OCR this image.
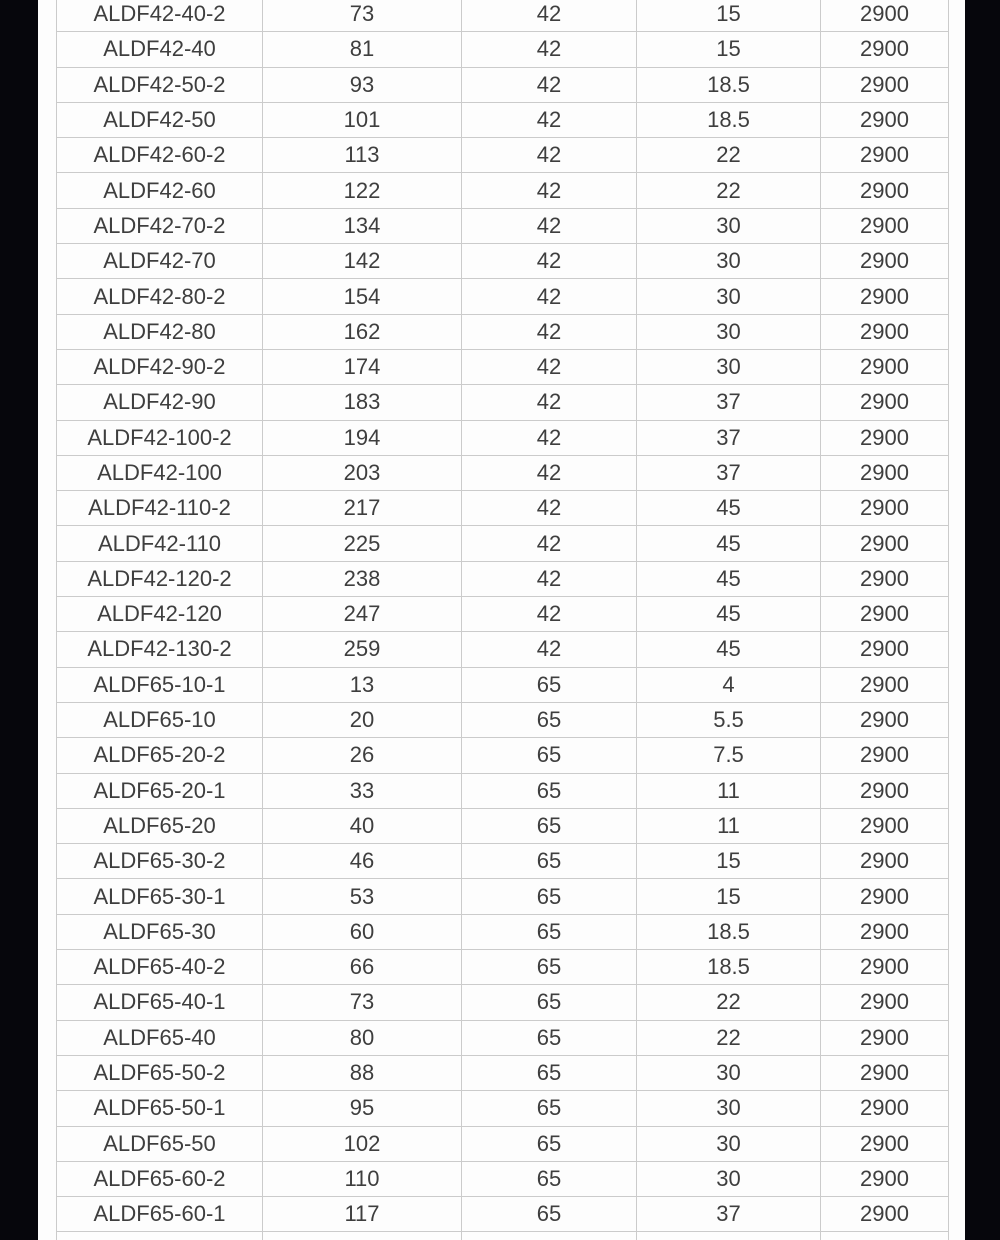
ALDF42-40-2	73	42	15	2900
ALDF42-40	81	42	15	2900
ALDF42-50-2	93	42	18.5	2900
ALDF42-50	101	42	18.5	2900
ALDF42-60-2	113	42	22	2900
ALDF42-60	122	42	22	2900
ALDF42-70-2	134	42	30	2900
ALDF42-70	142	42	30	2900
ALDF42-80-2	154	42	30	2900
ALDF42-80	162	42	30	2900
ALDF42-90-2	174	42	30	2900
ALDF42-90	183	42	37	2900
ALDF42-100-2	194	42	37	2900
ALDF42-100	203	42	37	2900
ALDF42-110-2	217	42	45	2900
ALDF42-110	225	42	45	2900
ALDF42-120-2	238	42	45	2900
ALDF42-120	247	42	45	2900
ALDF42-130-2	259	42	45	2900
ALDF65-10-1	13	65	4	2900
ALDF65-10	20	65	5.5	2900
ALDF65-20-2	26	65	7.5	2900
ALDF65-20-1	33	65	11	2900
ALDF65-20	40	65	11	2900
ALDF65-30-2	46	65	15	2900
ALDF65-30-1	53	65	15	2900
ALDF65-30	60	65	18.5	2900
ALDF65-40-2	66	65	18.5	2900
ALDF65-40-1	73	65	22	2900
ALDF65-40	80	65	22	2900
ALDF65-50-2	88	65	30	2900
ALDF65-50-1	95	65	30	2900
ALDF65-50	102	65	30	2900
ALDF65-60-2	110	65	30	2900
ALDF65-60-1	117	65	37	2900
